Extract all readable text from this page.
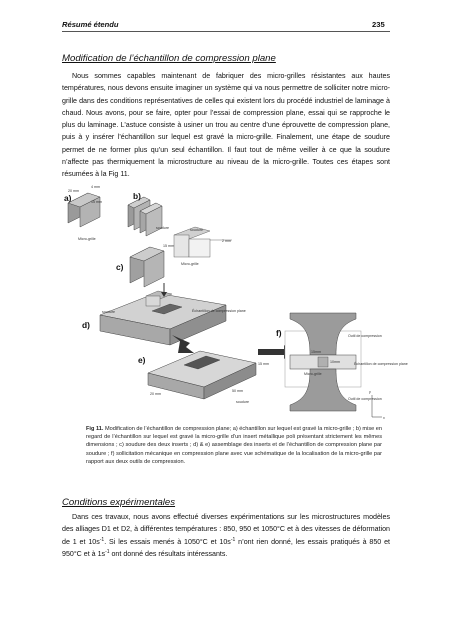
Résumé étendu	235
Modification de l’échantillon de compression plane

Nous sommes capables maintenant de fabriquer des micro-grilles résistantes aux hautes températures, nous devons ensuite imaginer un système qui va nous permettre de solliciter notre micro-grille dans des conditions représentatives de celles qui existent lors du procédé industriel de laminage à chaud. Nous avons, pour se faire, opter pour l’essai de compression plane, essai qui se rapproche le plus du laminage. L’astuce consiste à usiner un trou au centre d’une éprouvette de compression plane, puis à y insérer l’échantillon sur lequel est gravé la micro-grille. Finalement, une étape de soudure permet de ne former plus qu’un seul échantillon. Il faut tout de même veiller à ce que la soudure n’affecte pas thermiquement la microstructure au niveau de la micro-grille. Toutes ces étapes sont résumées à la Fig 11.

20 mm
4 mm
15 mm
Micro-grille
soudure	soudure
15 mm
2 mm
Micro-grille
soudure	Échantillon de compression plane
15 mm
50 mm
20 mm
soudure
Outil de compression
15mm
10mm	Échantillon de compression plane
Micro-grille
Outil de compression
y
x
a)	b)
c)
d)
e)
f)

Fig 11. Modification de l’échantillon de compression plane; a) échantillon sur lequel est gravé la micro-grille ; b) mise en regard de l’échantillon sur lequel est gravé la micro-grille d’un insert métallique poli présentant strictement les mêmes dimensions ; c) soudure des deux inserts ; d) & e) assemblage des inserts et de l’échantillon de compression plane par soudure ; f) sollicitation mécanique en compression plane avec vue schématique de la localisation de la micro-grille par rapport aux deux outils de compression.

Conditions expérimentales

Dans ces travaux, nous avons effectué diverses expérimentations sur les microstructures modèles des alliages D1 et D2, à différentes températures : 850, 950 et 1050°C et à des vitesses de déformation de 1 et $10s^{-1}$. Si les essais menés à 1050°C et $10s^{-1}$ n’ont rien donné, les essais pratiqués à 850 et 950°C et à $1s^{-1}$ ont donné des résultats intéressants.
